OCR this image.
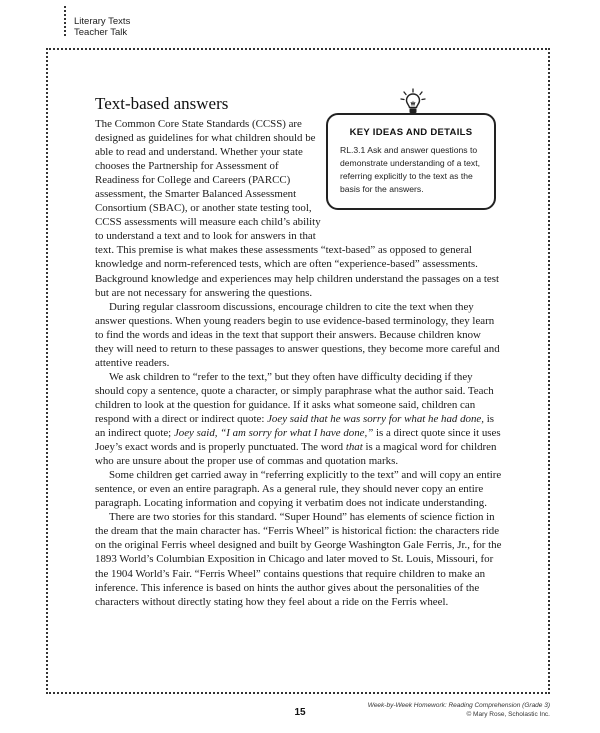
Literary Texts
Teacher Talk
Text-based answers
KEY IDEAS AND DETAILS
RL.3.1 Ask and answer questions to demonstrate understanding of a text, referring explicitly to the text as the basis for the answers.

The Common Core State Standards (CCSS) are designed as guidelines for what children should be able to read and understand. Whether your state chooses the Partnership for Assessment of Readiness for College and Careers (PARCC) assessment, the Smarter Balanced Assessment Consortium (SBAC), or another state testing tool, CCSS assessments will measure each child’s ability to understand a text and to look for answers in that text. This premise is what makes these assessments “text-based” as opposed to general knowledge and norm-referenced tests, which are often “experience-based” assessments. Background knowledge and experiences may help children understand the passages on a test but are not necessary for answering the questions.

During regular classroom discussions, encourage children to cite the text when they answer questions. When young readers begin to use evidence-based terminology, they learn to find the words and ideas in the text that support their answers. Because children know they will need to return to these passages to answer questions, they become more careful and attentive readers.

We ask children to “refer to the text,” but they often have difficulty deciding if they should copy a sentence, quote a character, or simply paraphrase what the author said. Teach children to look at the question for guidance. If it asks what someone said, children can respond with a direct or indirect quote: Joey said that he was sorry for what he had done, is an indirect quote; Joey said, “I am sorry for what I have done,” is a direct quote since it uses Joey’s exact words and is properly punctuated. The word that is a magical word for children who are unsure about the proper use of commas and quotation marks.

Some children get carried away in “referring explicitly to the text” and will copy an entire sentence, or even an entire paragraph. As a general rule, they should never copy an entire paragraph. Locating information and copying it verbatim does not indicate understanding.

There are two stories for this standard. “Super Hound” has elements of science fiction in the dream that the main character has. “Ferris Wheel” is historical fiction: the characters ride on the original Ferris wheel designed and built by George Washington Gale Ferris, Jr., for the 1893 World’s Columbian Exposition in Chicago and later moved to St. Louis, Missouri, for the 1904 World’s Fair. “Ferris Wheel” contains questions that require children to make an inference. This inference is based on hints the author gives about the personalities of the characters without directly stating how they feel about a ride on the Ferris wheel.

15
Week-by-Week Homework: Reading Comprehension (Grade 3)
© Mary Rose, Scholastic Inc.
